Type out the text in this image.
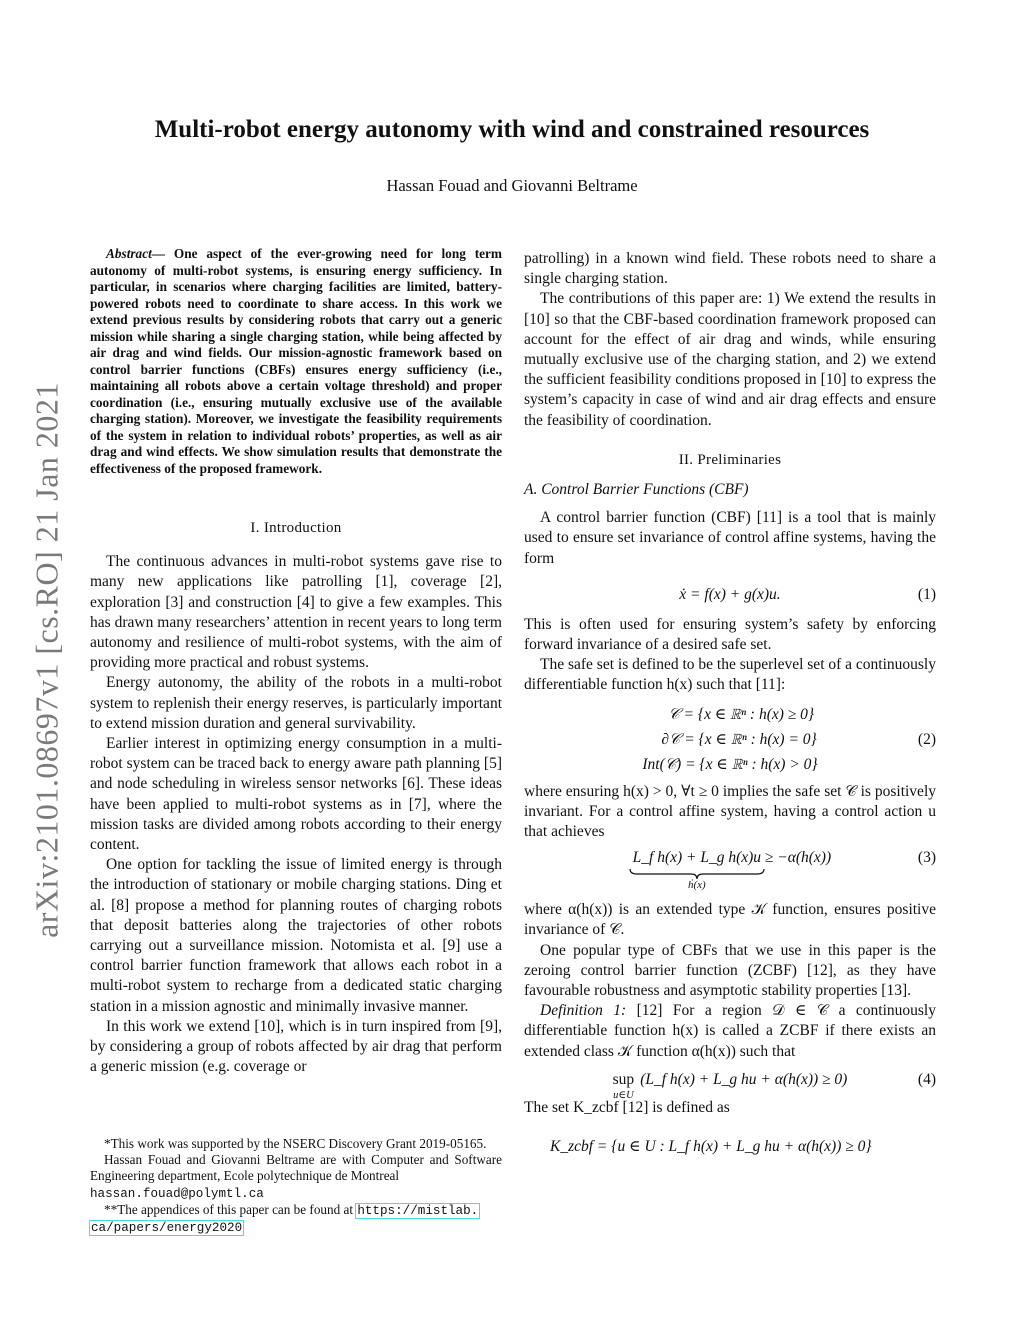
arXiv:2101.08697v1 [cs.RO] 21 Jan 2021
Multi-robot energy autonomy with wind and constrained resources
Hassan Fouad and Giovanni Beltrame

Abstract— One aspect of the ever-growing need for long term autonomy of multi-robot systems, is ensuring energy sufficiency. In particular, in scenarios where charging facilities are limited, battery-powered robots need to coordinate to share access. In this work we extend previous results by considering robots that carry out a generic mission while sharing a single charging station, while being affected by air drag and wind fields. Our mission-agnostic framework based on control barrier functions (CBFs) ensures energy sufficiency (i.e., maintaining all robots above a certain voltage threshold) and proper coordination (i.e., ensuring mutually exclusive use of the available charging station). Moreover, we investigate the feasibility requirements of the system in relation to individual robots’ properties, as well as air drag and wind effects. We show simulation results that demonstrate the effectiveness of the proposed framework.

I. Introduction

The continuous advances in multi-robot systems gave rise to many new applications like patrolling [1], coverage [2], exploration [3] and construction [4] to give a few examples. This has drawn many researchers’ attention in recent years to long term autonomy and resilience of multi-robot systems, with the aim of providing more practical and robust systems.

Energy autonomy, the ability of the robots in a multi-robot system to replenish their energy reserves, is particularly important to extend mission duration and general survivability.

Earlier interest in optimizing energy consumption in a multi-robot system can be traced back to energy aware path planning [5] and node scheduling in wireless sensor networks [6]. These ideas have been applied to multi-robot systems as in [7], where the mission tasks are divided among robots according to their energy content.

One option for tackling the issue of limited energy is through the introduction of stationary or mobile charging stations. Ding et al. [8] propose a method for planning routes of charging robots that deposit batteries along the trajectories of other robots carrying out a surveillance mission. Notomista et al. [9] use a control barrier function framework that allows each robot in a multi-robot system to recharge from a dedicated static charging station in a mission agnostic and minimally invasive manner.

In this work we extend [10], which is in turn inspired from [9], by considering a group of robots affected by air drag that perform a generic mission (e.g. coverage or

*This work was supported by the NSERC Discovery Grant 2019-05165.

Hassan Fouad and Giovanni Beltrame are with Computer and Software Engineering department, Ecole polytechnique de Montreal
hassan.fouad@polymtl.ca

**The appendices of this paper can be found at https://mistlab.
ca/papers/energy2020

patrolling) in a known wind field. These robots need to share a single charging station.

The contributions of this paper are: 1) We extend the results in [10] so that the CBF-based coordination framework proposed can account for the effect of air drag and winds, while ensuring mutually exclusive use of the charging station, and 2) we extend the sufficient feasibility conditions proposed in [10] to express the system’s capacity in case of wind and air drag effects and ensure the feasibility of coordination.

II. Preliminaries
A. Control Barrier Functions (CBF)

A control barrier function (CBF) [11] is a tool that is mainly used to ensure set invariance of control affine systems, having the form

ẋ = f(x) + g(x)u.	(1)

This is often used for ensuring system’s safety by enforcing forward invariance of a desired safe set.

The safe set is defined to be the superlevel set of a continuously differentiable function h(x) such that [11]:

𝒞 = {x ∈ ℝⁿ : h(x) ≥ 0}
∂𝒞 = {x ∈ ℝⁿ : h(x) = 0}
Int(𝒞) = {x ∈ ℝⁿ : h(x) > 0}
(2)

where ensuring h(x) > 0, ∀t ≥ 0 implies the safe set 𝒞 is positively invariant. For a control affine system, having a control action u that achieves

L_f h(x) + L_g h(x)u
ḣ(x)
≥ −α(h(x))	(3)

where α(h(x)) is an extended type 𝒦 function, ensures positive invariance of 𝒞.

One popular type of CBFs that we use in this paper is the zeroing control barrier function (ZCBF) [12], as they have favourable robustness and asymptotic stability properties [13].

Definition 1: [12] For a region 𝒟 ∈ 𝒞 a continuously differentiable function h(x) is called a ZCBF if there exists an extended class 𝒦 function α(h(x)) such that

sup
u∈U
(L_f h(x) + L_g hu + α(h(x)) ≥ 0)	(4)

The set K_zcbf [12] is defined as

K_zcbf = {u ∈ U : L_f h(x) + L_g hu + α(h(x)) ≥ 0}
